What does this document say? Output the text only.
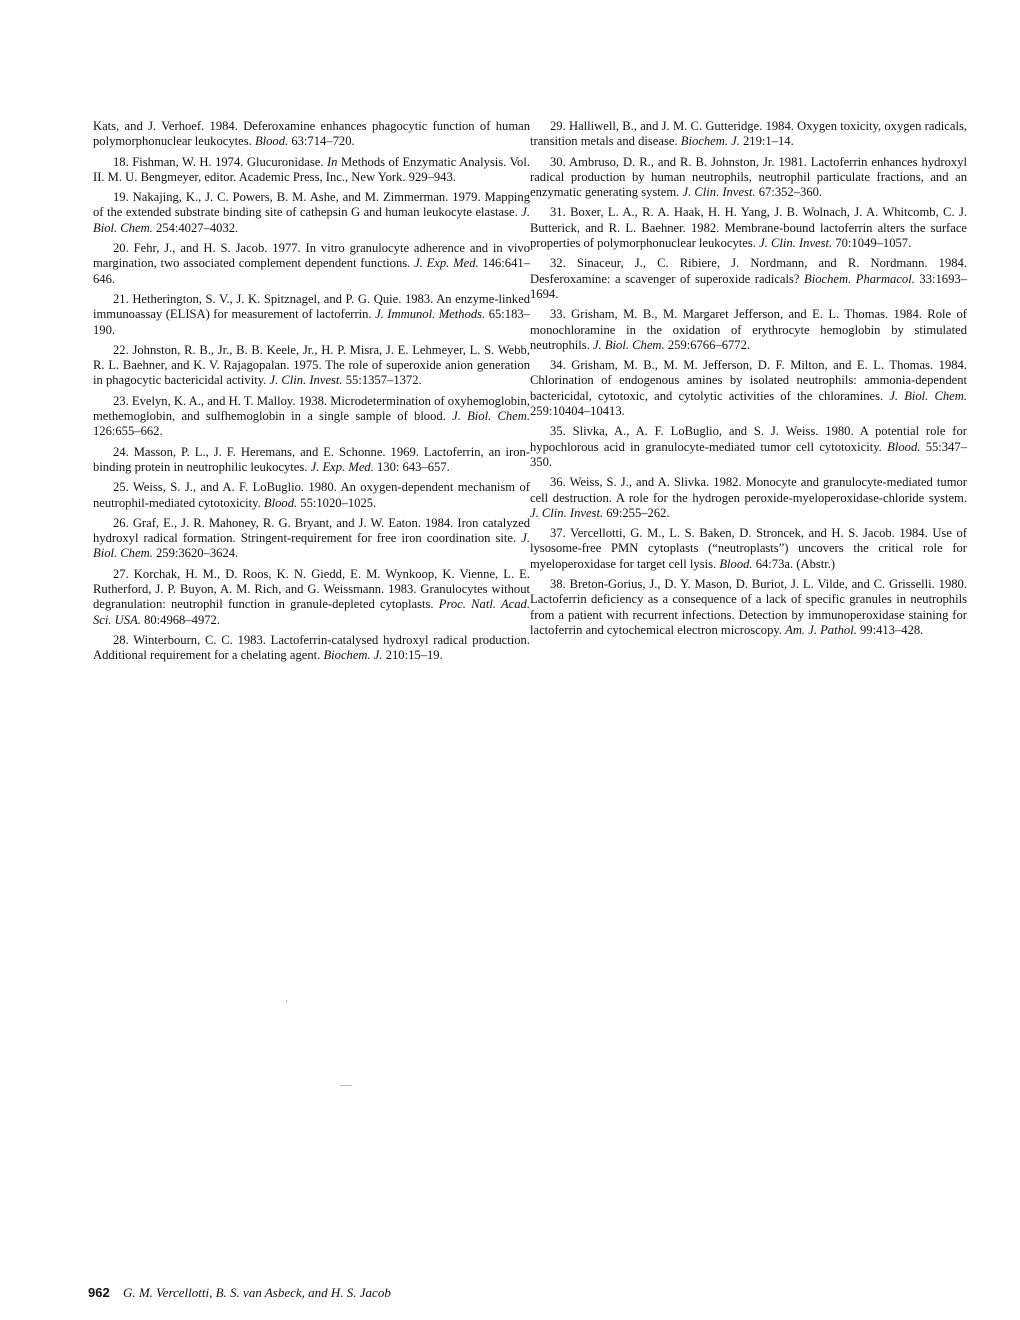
Kats, and J. Verhoef. 1984. Deferoxamine enhances phagocytic function of human polymorphonuclear leukocytes. Blood. 63:714–720.

18. Fishman, W. H. 1974. Glucuronidase. In Methods of Enzymatic Analysis. Vol. II. M. U. Bengmeyer, editor. Academic Press, Inc., New York. 929–943.

19. Nakajing, K., J. C. Powers, B. M. Ashe, and M. Zimmerman. 1979. Mapping of the extended substrate binding site of cathepsin G and human leukocyte elastase. J. Biol. Chem. 254:4027–4032.

20. Fehr, J., and H. S. Jacob. 1977. In vitro granulocyte adherence and in vivo margination, two associated complement dependent functions. J. Exp. Med. 146:641–646.

21. Hetherington, S. V., J. K. Spitznagel, and P. G. Quie. 1983. An enzyme-linked immunoassay (ELISA) for measurement of lactoferrin. J. Immunol. Methods. 65:183–190.

22. Johnston, R. B., Jr., B. B. Keele, Jr., H. P. Misra, J. E. Lehmeyer, L. S. Webb, R. L. Baehner, and K. V. Rajagopalan. 1975. The role of superoxide anion generation in phagocytic bactericidal activity. J. Clin. Invest. 55:1357–1372.

23. Evelyn, K. A., and H. T. Malloy. 1938. Microdetermination of oxyhemoglobin, methemoglobin, and sulfhemoglobin in a single sample of blood. J. Biol. Chem. 126:655–662.

24. Masson, P. L., J. F. Heremans, and E. Schonne. 1969. Lactoferrin, an iron-binding protein in neutrophilic leukocytes. J. Exp. Med. 130: 643–657.

25. Weiss, S. J., and A. F. LoBuglio. 1980. An oxygen-dependent mechanism of neutrophil-mediated cytotoxicity. Blood. 55:1020–1025.

26. Graf, E., J. R. Mahoney, R. G. Bryant, and J. W. Eaton. 1984. Iron catalyzed hydroxyl radical formation. Stringent-requirement for free iron coordination site. J. Biol. Chem. 259:3620–3624.

27. Korchak, H. M., D. Roos, K. N. Giedd, E. M. Wynkoop, K. Vienne, L. E. Rutherford, J. P. Buyon, A. M. Rich, and G. Weissmann. 1983. Granulocytes without degranulation: neutrophil function in granule-depleted cytoplasts. Proc. Natl. Acad. Sci. USA. 80:4968–4972.

28. Winterbourn, C. C. 1983. Lactoferrin-catalysed hydroxyl radical production. Additional requirement for a chelating agent. Biochem. J. 210:15–19.

29. Halliwell, B., and J. M. C. Gutteridge. 1984. Oxygen toxicity, oxygen radicals, transition metals and disease. Biochem. J. 219:1–14.

30. Ambruso, D. R., and R. B. Johnston, Jr. 1981. Lactoferrin enhances hydroxyl radical production by human neutrophils, neutrophil particulate fractions, and an enzymatic generating system. J. Clin. Invest. 67:352–360.

31. Boxer, L. A., R. A. Haak, H. H. Yang, J. B. Wolnach, J. A. Whitcomb, C. J. Butterick, and R. L. Baehner. 1982. Membrane-bound lactoferrin alters the surface properties of polymorphonuclear leukocytes. J. Clin. Invest. 70:1049–1057.

32. Sinaceur, J., C. Ribiere, J. Nordmann, and R. Nordmann. 1984. Desferoxamine: a scavenger of superoxide radicals? Biochem. Pharmacol. 33:1693–1694.

33. Grisham, M. B., M. Margaret Jefferson, and E. L. Thomas. 1984. Role of monochloramine in the oxidation of erythrocyte hemoglobin by stimulated neutrophils. J. Biol. Chem. 259:6766–6772.

34. Grisham, M. B., M. M. Jefferson, D. F. Milton, and E. L. Thomas. 1984. Chlorination of endogenous amines by isolated neutrophils: ammonia-dependent bactericidal, cytotoxic, and cytolytic activities of the chloramines. J. Biol. Chem. 259:10404–10413.

35. Slivka, A., A. F. LoBuglio, and S. J. Weiss. 1980. A potential role for hypochlorous acid in granulocyte-mediated tumor cell cytotoxicity. Blood. 55:347–350.

36. Weiss, S. J., and A. Slivka. 1982. Monocyte and granulocyte-mediated tumor cell destruction. A role for the hydrogen peroxide-myeloperoxidase-chloride system. J. Clin. Invest. 69:255–262.

37. Vercellotti, G. M., L. S. Baken, D. Stroncek, and H. S. Jacob. 1984. Use of lysosome-free PMN cytoplasts (“neutroplasts”) uncovers the critical role for myeloperoxidase for target cell lysis. Blood. 64:73a. (Abstr.)

38. Breton-Gorius, J., D. Y. Mason, D. Buriot, J. L. Vilde, and C. Grisselli. 1980. Lactoferrin deficiency as a consequence of a lack of specific granules in neutrophils from a patient with recurrent infections. Detection by immunoperoxidase staining for lactoferrin and cytochemical electron microscopy. Am. J. Pathol. 99:413–428.

962 G. M. Vercellotti, B. S. van Asbeck, and H. S. Jacob
